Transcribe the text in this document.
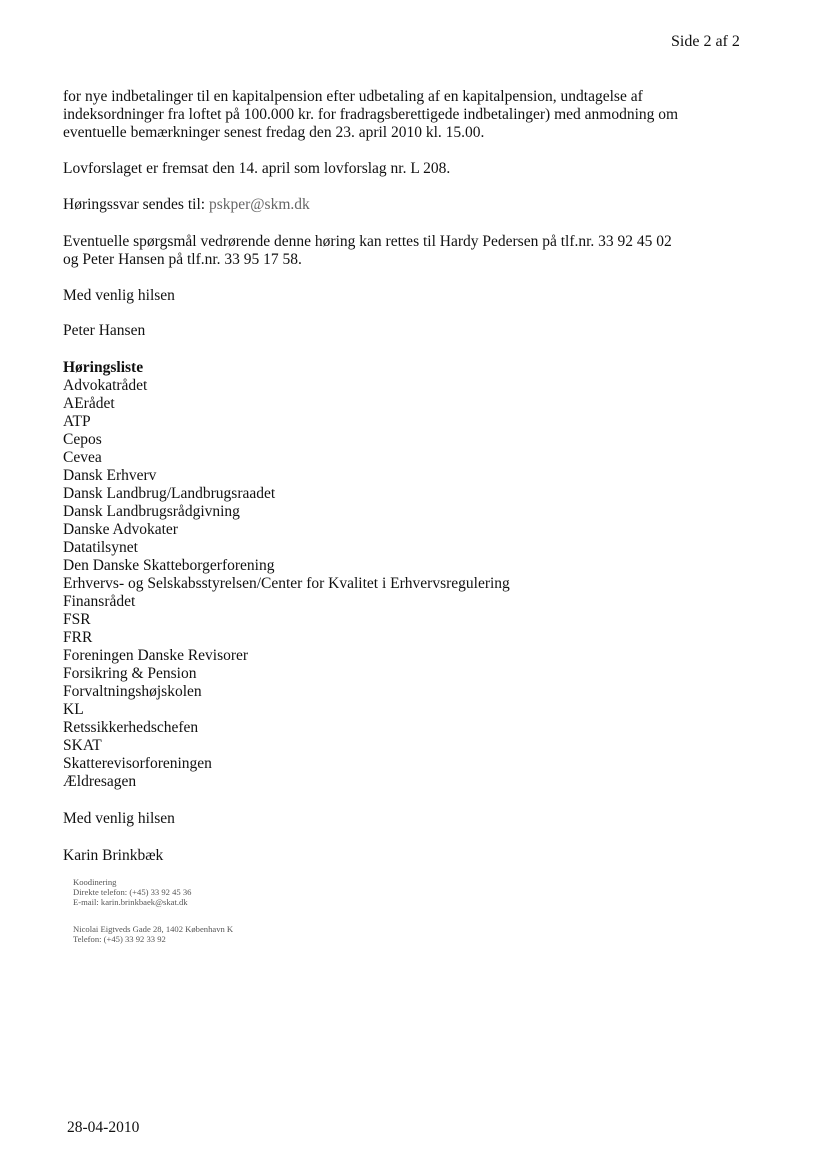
Side 2 af 2
for nye indbetalinger til en kapitalpension efter udbetaling af en kapitalpension, undtagelse af
indeksordninger fra loftet på 100.000 kr. for fradragsberettigede indbetalinger) med anmodning om
eventuelle bemærkninger senest fredag den 23. april 2010 kl. 15.00.
Lovforslaget er fremsat den 14. april som lovforslag nr. L 208.
Høringssvar sendes til: pskper@skm.dk
Eventuelle spørgsmål vedrørende denne høring kan rettes til Hardy Pedersen på tlf.nr. 33 92 45 02
og Peter Hansen på tlf.nr. 33 95 17 58.
Med venlig hilsen
Peter Hansen
Høringsliste
Advokatrådet
AErådet
ATP
Cepos
Cevea
Dansk Erhverv
Dansk Landbrug/Landbrugsraadet
Dansk Landbrugsrådgivning
Danske Advokater
Datatilsynet
Den Danske Skatteborgerforening
Erhvervs- og Selskabsstyrelsen/Center for Kvalitet i Erhvervsregulering
Finansrådet
FSR
FRR
Foreningen Danske Revisorer
Forsikring & Pension
Forvaltningshøjskolen
KL
Retssikkerhedschefen
SKAT
Skatterevisorforeningen
Ældresagen
Med venlig hilsen
Karin Brinkbæk
Koodinering
Direkte telefon: (+45) 33 92 45 36
E-mail: karin.brinkbaek@skat.dk
Nicolai Eigtveds Gade 28, 1402 København K
Telefon: (+45) 33 92 33 92
28-04-2010
